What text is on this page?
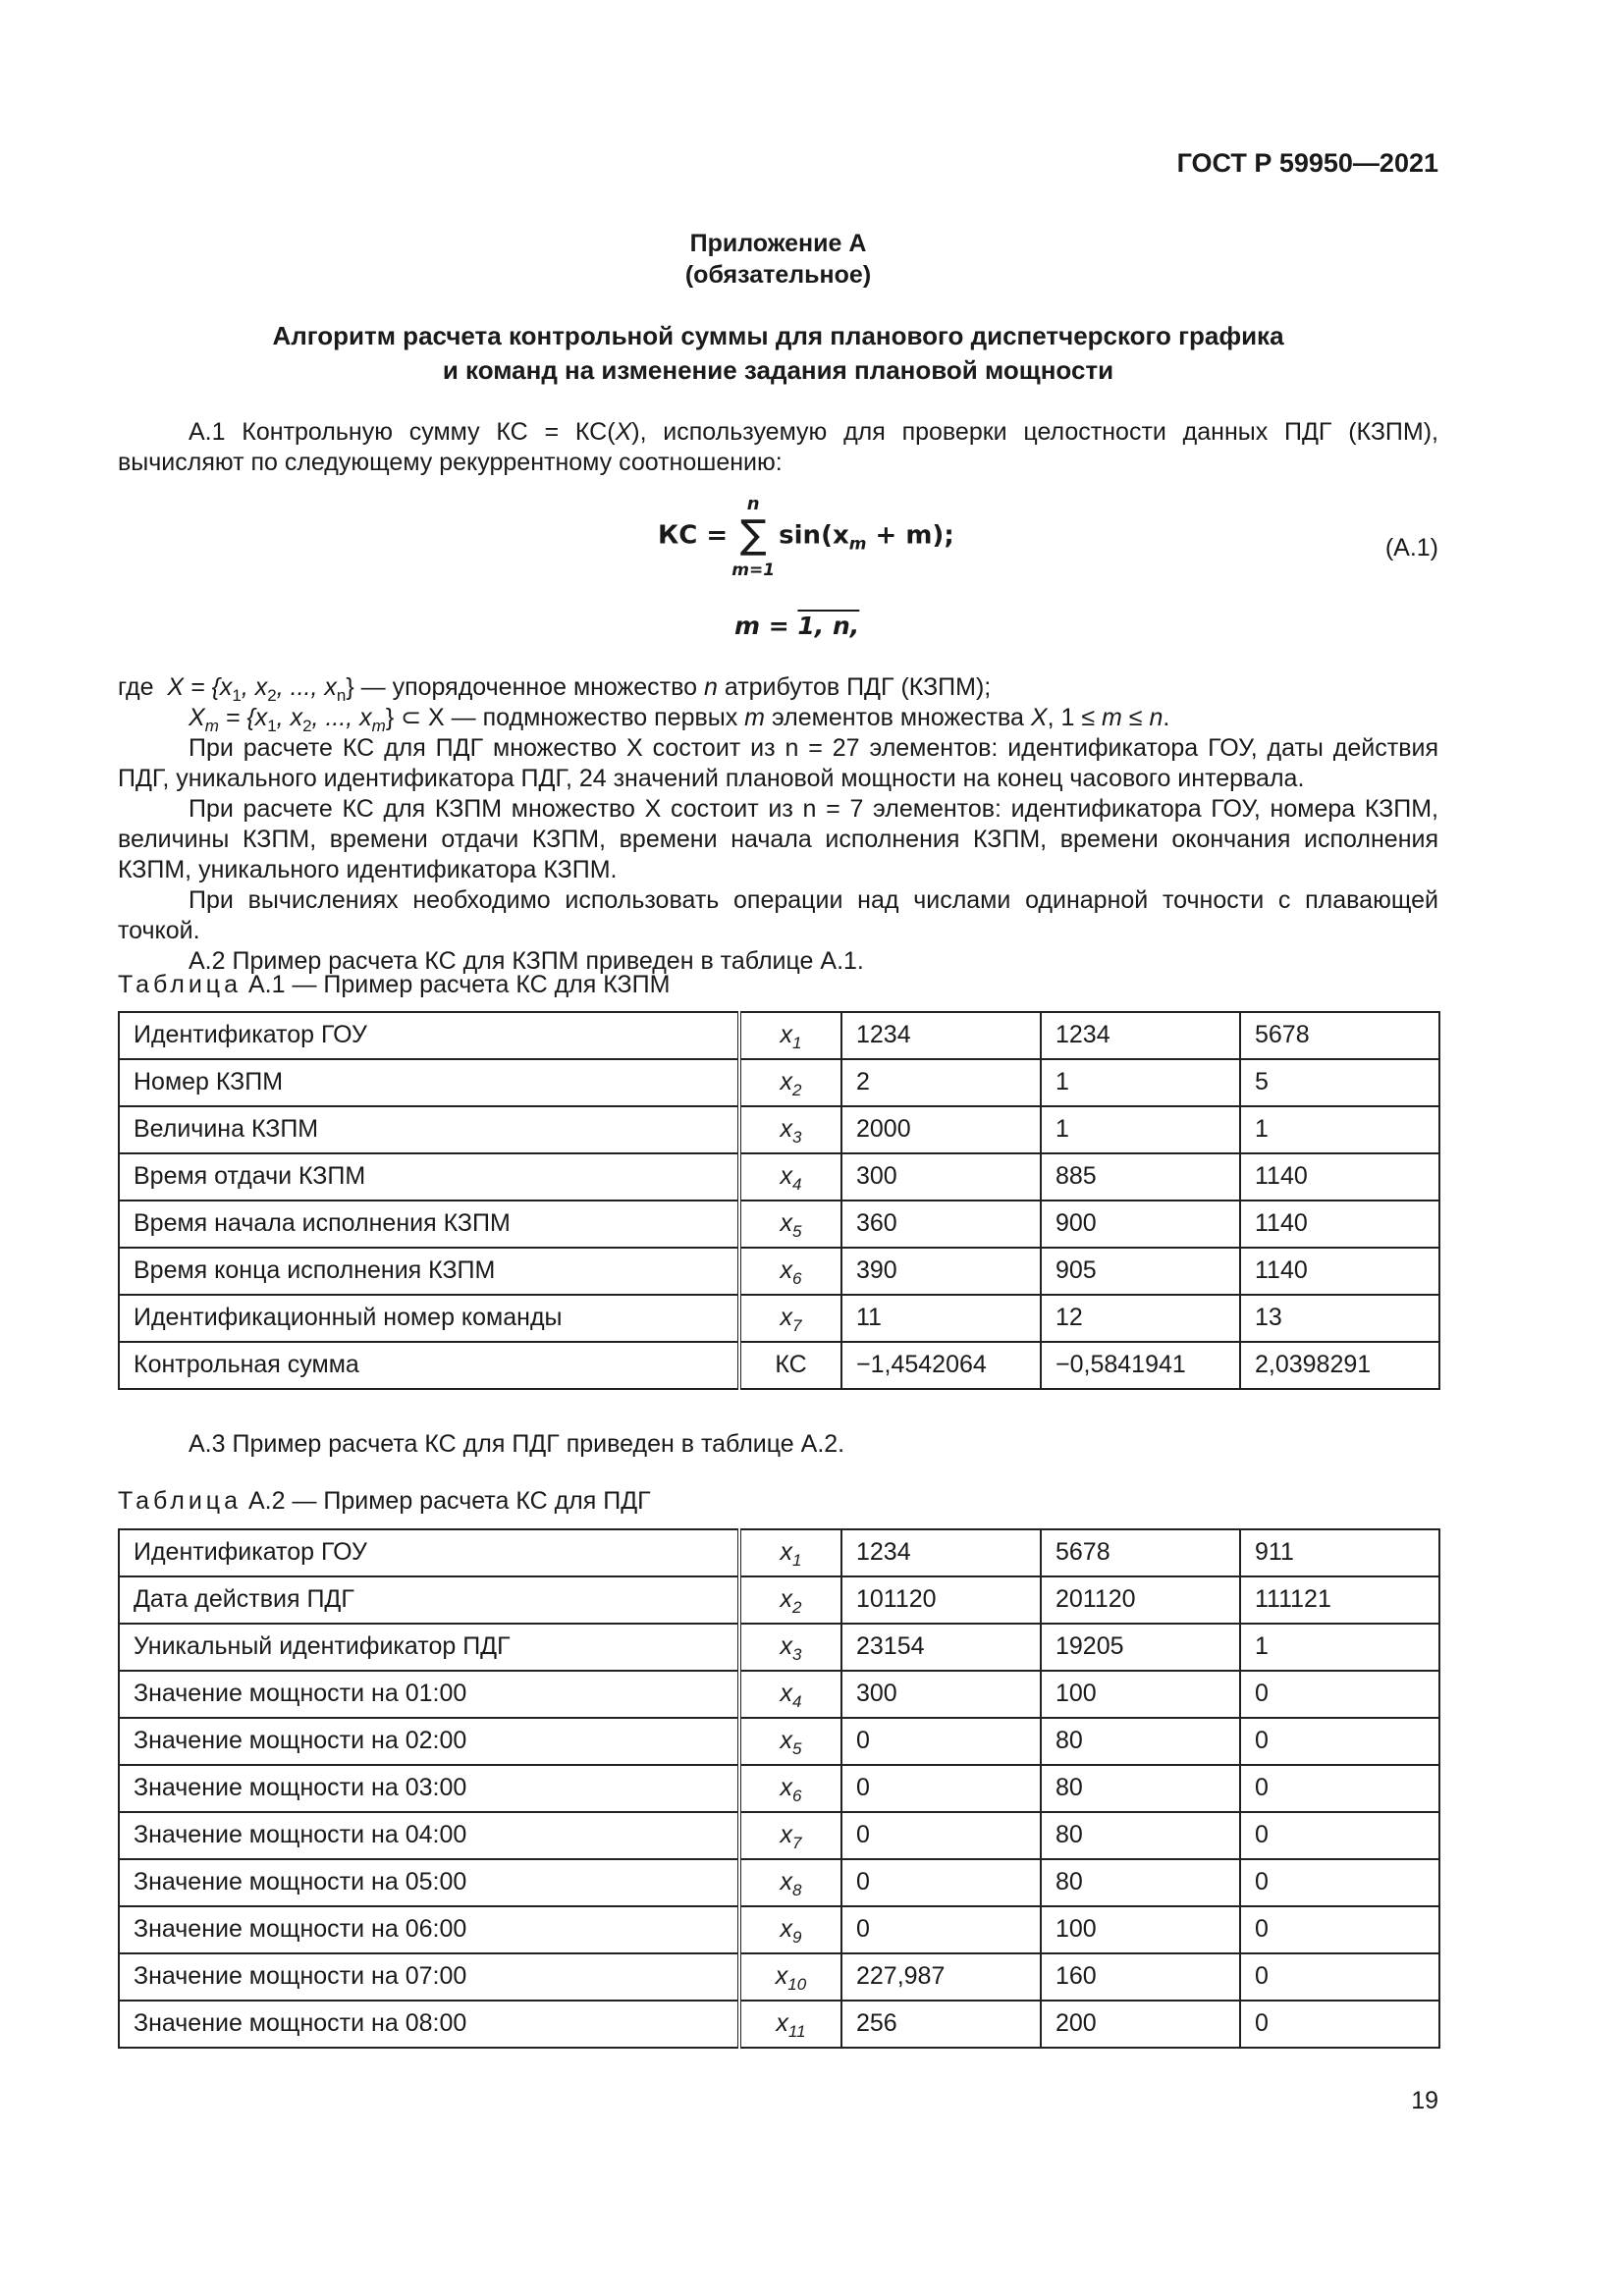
ГОСТ Р 59950—2021
Приложение А
(обязательное)
Алгоритм расчета контрольной суммы для планового диспетчерского графика
и команд на изменение задания плановой мощности

А.1 Контрольную сумму КС = КС(X), используемую для проверки целостности данных ПДГ (КЗПМ), вычисляют по следующему рекуррентному соотношению:

КС =
n
∑
m=1
$\sin(x_m + m)$;	(А.1)
m = 1, n,

где $X = \{x_1$, $x_2$, ..., $x_n$} — упорядоченное множество n атрибутов ПДГ (КЗПМ);

$X_m = \{x_1$, $x_2$, ..., $x_m$} ⊂ X — подмножество первых m элементов множества X, 1 ≤ m ≤ n.

При расчете КС для ПДГ множество X состоит из n = 27 элементов: идентификатора ГОУ, даты действия ПДГ, уникального идентификатора ПДГ, 24 значений плановой мощности на конец часового интервала.

При расчете КС для КЗПМ множество X состоит из n = 7 элементов: идентификатора ГОУ, номера КЗПМ, величины КЗПМ, времени отдачи КЗПМ, времени начала исполнения КЗПМ, времени окончания исполнения КЗПМ, уникального идентификатора КЗПМ.

При вычислениях необходимо использовать операции над числами одинарной точности с плавающей точкой.

А.2 Пример расчета КС для КЗПМ приведен в таблице А.1.

Таблица А.1 — Пример расчета КС для КЗПМ
Идентификатор ГОУ	$x_1$	1234	1234	5678
Номер КЗПМ	$x_2$	2	1	5
Величина КЗПМ	$x_3$	2000	1	1
Время отдачи КЗПМ	$x_4$	300	885	1140
Время начала исполнения КЗПМ	$x_5$	360	900	1140
Время конца исполнения КЗПМ	$x_6$	390	905	1140
Идентификационный номер команды	$x_7$	11	12	13
Контрольная сумма	КС	−1,4542064	−0,5841941	2,0398291

А.3 Пример расчета КС для ПДГ приведен в таблице А.2.

Таблица А.2 — Пример расчета КС для ПДГ
Идентификатор ГОУ	$x_1$	1234	5678	911
Дата действия ПДГ	$x_2$	101120	201120	111121
Уникальный идентификатор ПДГ	$x_3$	23154	19205	1
Значение мощности на 01:00	$x_4$	300	100	0
Значение мощности на 02:00	$x_5$	0	80	0
Значение мощности на 03:00	$x_6$	0	80	0
Значение мощности на 04:00	$x_7$	0	80	0
Значение мощности на 05:00	$x_8$	0	80	0
Значение мощности на 06:00	$x_9$	0	100	0
Значение мощности на 07:00	$x_{10}$	227,987	160	0
Значение мощности на 08:00	$x_{11}$	256	200	0
19
